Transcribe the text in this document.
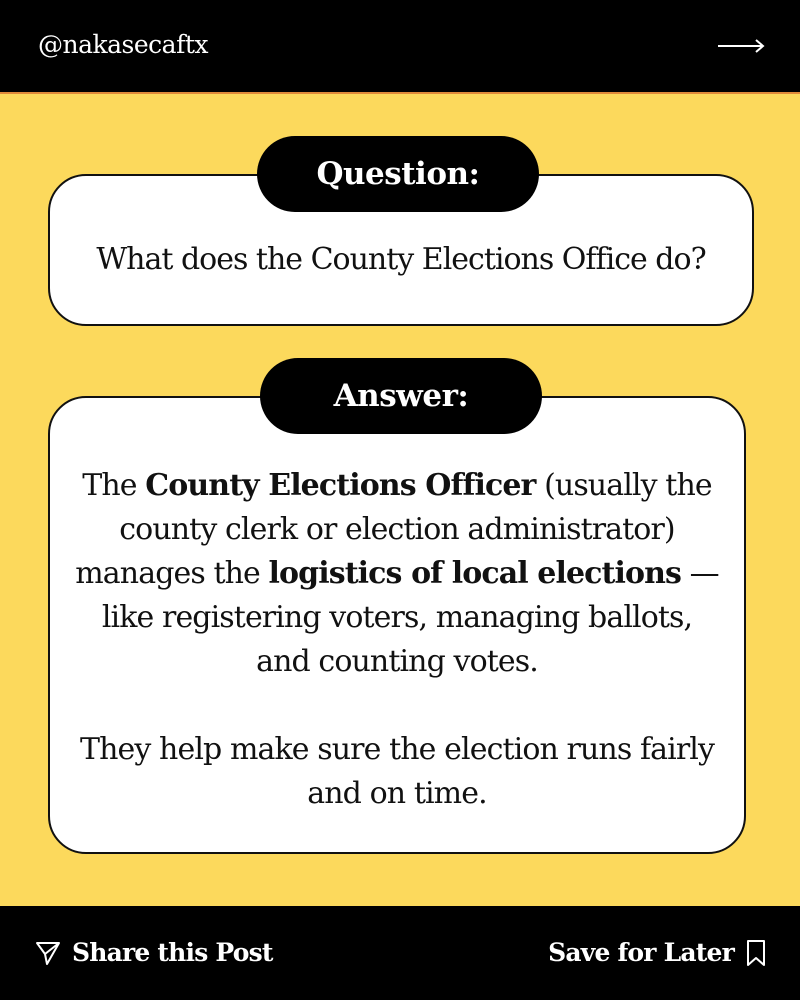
@nakasecaftx
What does the County Elections Office do?
Question:

The County Elections Officer (usually the county clerk or election administrator) manages the logistics of local elections — like registering voters, managing ballots, and counting votes.

They help make sure the election runs fairly and on time.

Answer:
Share this Post	Save for Later
